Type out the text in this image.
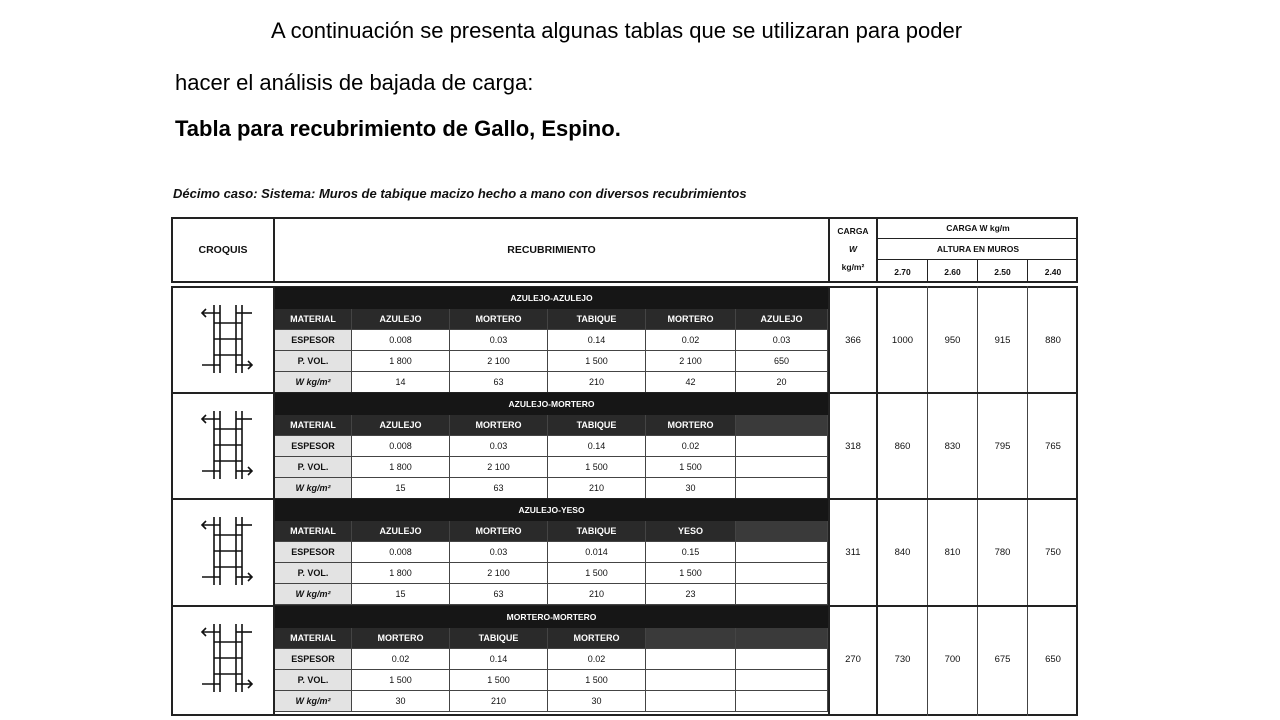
A continuación se presenta algunas tablas que se utilizaran para poder
hacer el análisis de bajada de carga:
Tabla para recubrimiento de Gallo, Espino.
Décimo caso: Sistema: Muros de tabique macizo hecho a mano con diversos recubrimientos
CROQUIS	RECUBRIMIENTO
CARGA
W
kg/m²
CARGA W kg/m
ALTURA EN MUROS
2.70	2.60	2.50	2.40
AZULEJO-AZULEJO
MATERIAL	AZULEJO	MORTERO	TABIQUE	MORTERO	AZULEJO
ESPESOR	0.008	0.03	0.14	0.02	0.03
P. VOL.	1 800	2 100	1 500	2 100	650
W kg/m²	14	63	210	42	20
366	1000	950	915	880
AZULEJO-MORTERO
MATERIAL	AZULEJO	MORTERO	TABIQUE	MORTERO
ESPESOR	0.008	0.03	0.14	0.02
P. VOL.	1 800	2 100	1 500	1 500
W kg/m²	15	63	210	30
318	860	830	795	765
AZULEJO-YESO
MATERIAL	AZULEJO	MORTERO	TABIQUE	YESO
ESPESOR	0.008	0.03	0.014	0.15
P. VOL.	1 800	2 100	1 500	1 500
W kg/m²	15	63	210	23
311	840	810	780	750
MORTERO-MORTERO
MATERIAL	MORTERO	TABIQUE	MORTERO
ESPESOR	0.02	0.14	0.02
P. VOL.	1 500	1 500	1 500
W kg/m²	30	210	30
270	730	700	675	650
